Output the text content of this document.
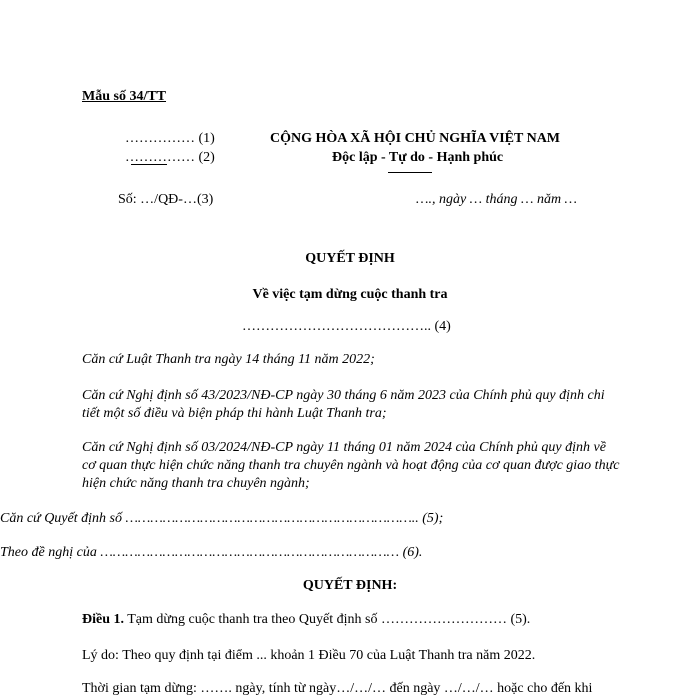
Mẫu số 34/TT
…………… (1)
…………… (2)
Số: …/QĐ-…(3)
CỘNG HÒA XÃ HỘI CHỦ NGHĨA VIỆT NAM
Độc lập - Tự do - Hạnh phúc
…., ngày … tháng … năm …
QUYẾT ĐỊNH
Về việc tạm dừng cuộc thanh tra
………………………………….. (4)
Căn cứ Luật Thanh tra ngày 14 tháng 11 năm 2022;
Căn cứ Nghị định số 43/2023/NĐ-CP ngày 30 tháng 6 năm 2023 của Chính phủ quy định chi tiết một số điều và biện pháp thi hành Luật Thanh tra;
Căn cứ Nghị định số 03/2024/NĐ-CP ngày 11 tháng 01 năm 2024 của Chính phủ quy định về cơ quan thực hiện chức năng thanh tra chuyên ngành và hoạt động của cơ quan được giao thực hiện chức năng thanh tra chuyên ngành;
Căn cứ Quyết định số …………………………………………………………….. (5);
Theo đề nghị của ……………………………………………………………… (6).
QUYẾT ĐỊNH:
Điều 1. Tạm dừng cuộc thanh tra theo Quyết định số ……………………… (5).
Lý do: Theo quy định tại điểm ... khoản 1 Điều 70 của Luật Thanh tra năm 2022.
Thời gian tạm dừng: ……. ngày, tính từ ngày…/…/… đến ngày …/…/… hoặc cho đến khi
